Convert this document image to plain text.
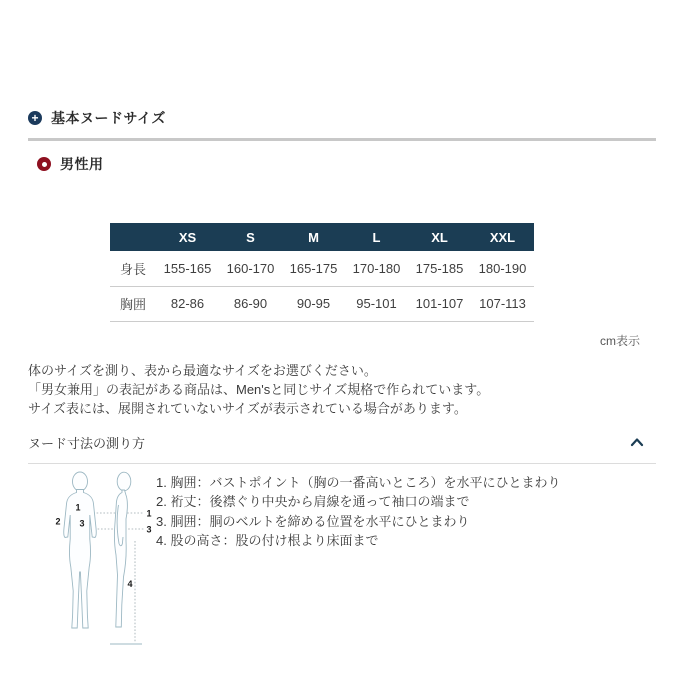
+ 基本ヌードサイズ
男性用
	XS	S	M	L	XL	XXL
身長	155-165	160-170	165-175	170-180	175-185	180-190
胸囲	82-86	86-90	90-95	95-101	101-107	107-113
cm表示
体のサイズを測り、表から最適なサイズをお選びください。
「男女兼用」の表記がある商品は、Men'sと同じサイズ規格で作られています。
サイズ表には、展開されていないサイズが表示されている場合があります。
ヌード寸法の測り方
1
2 3
1
3
4
1. 胸囲：バストポイント（胸の一番高いところ）を水平にひとまわり
2. 裄丈：後襟ぐり中央から肩線を通って袖口の端まで
3. 胴囲：胴のベルトを締める位置を水平にひとまわり
4. 股の高さ：股の付け根より床面まで
